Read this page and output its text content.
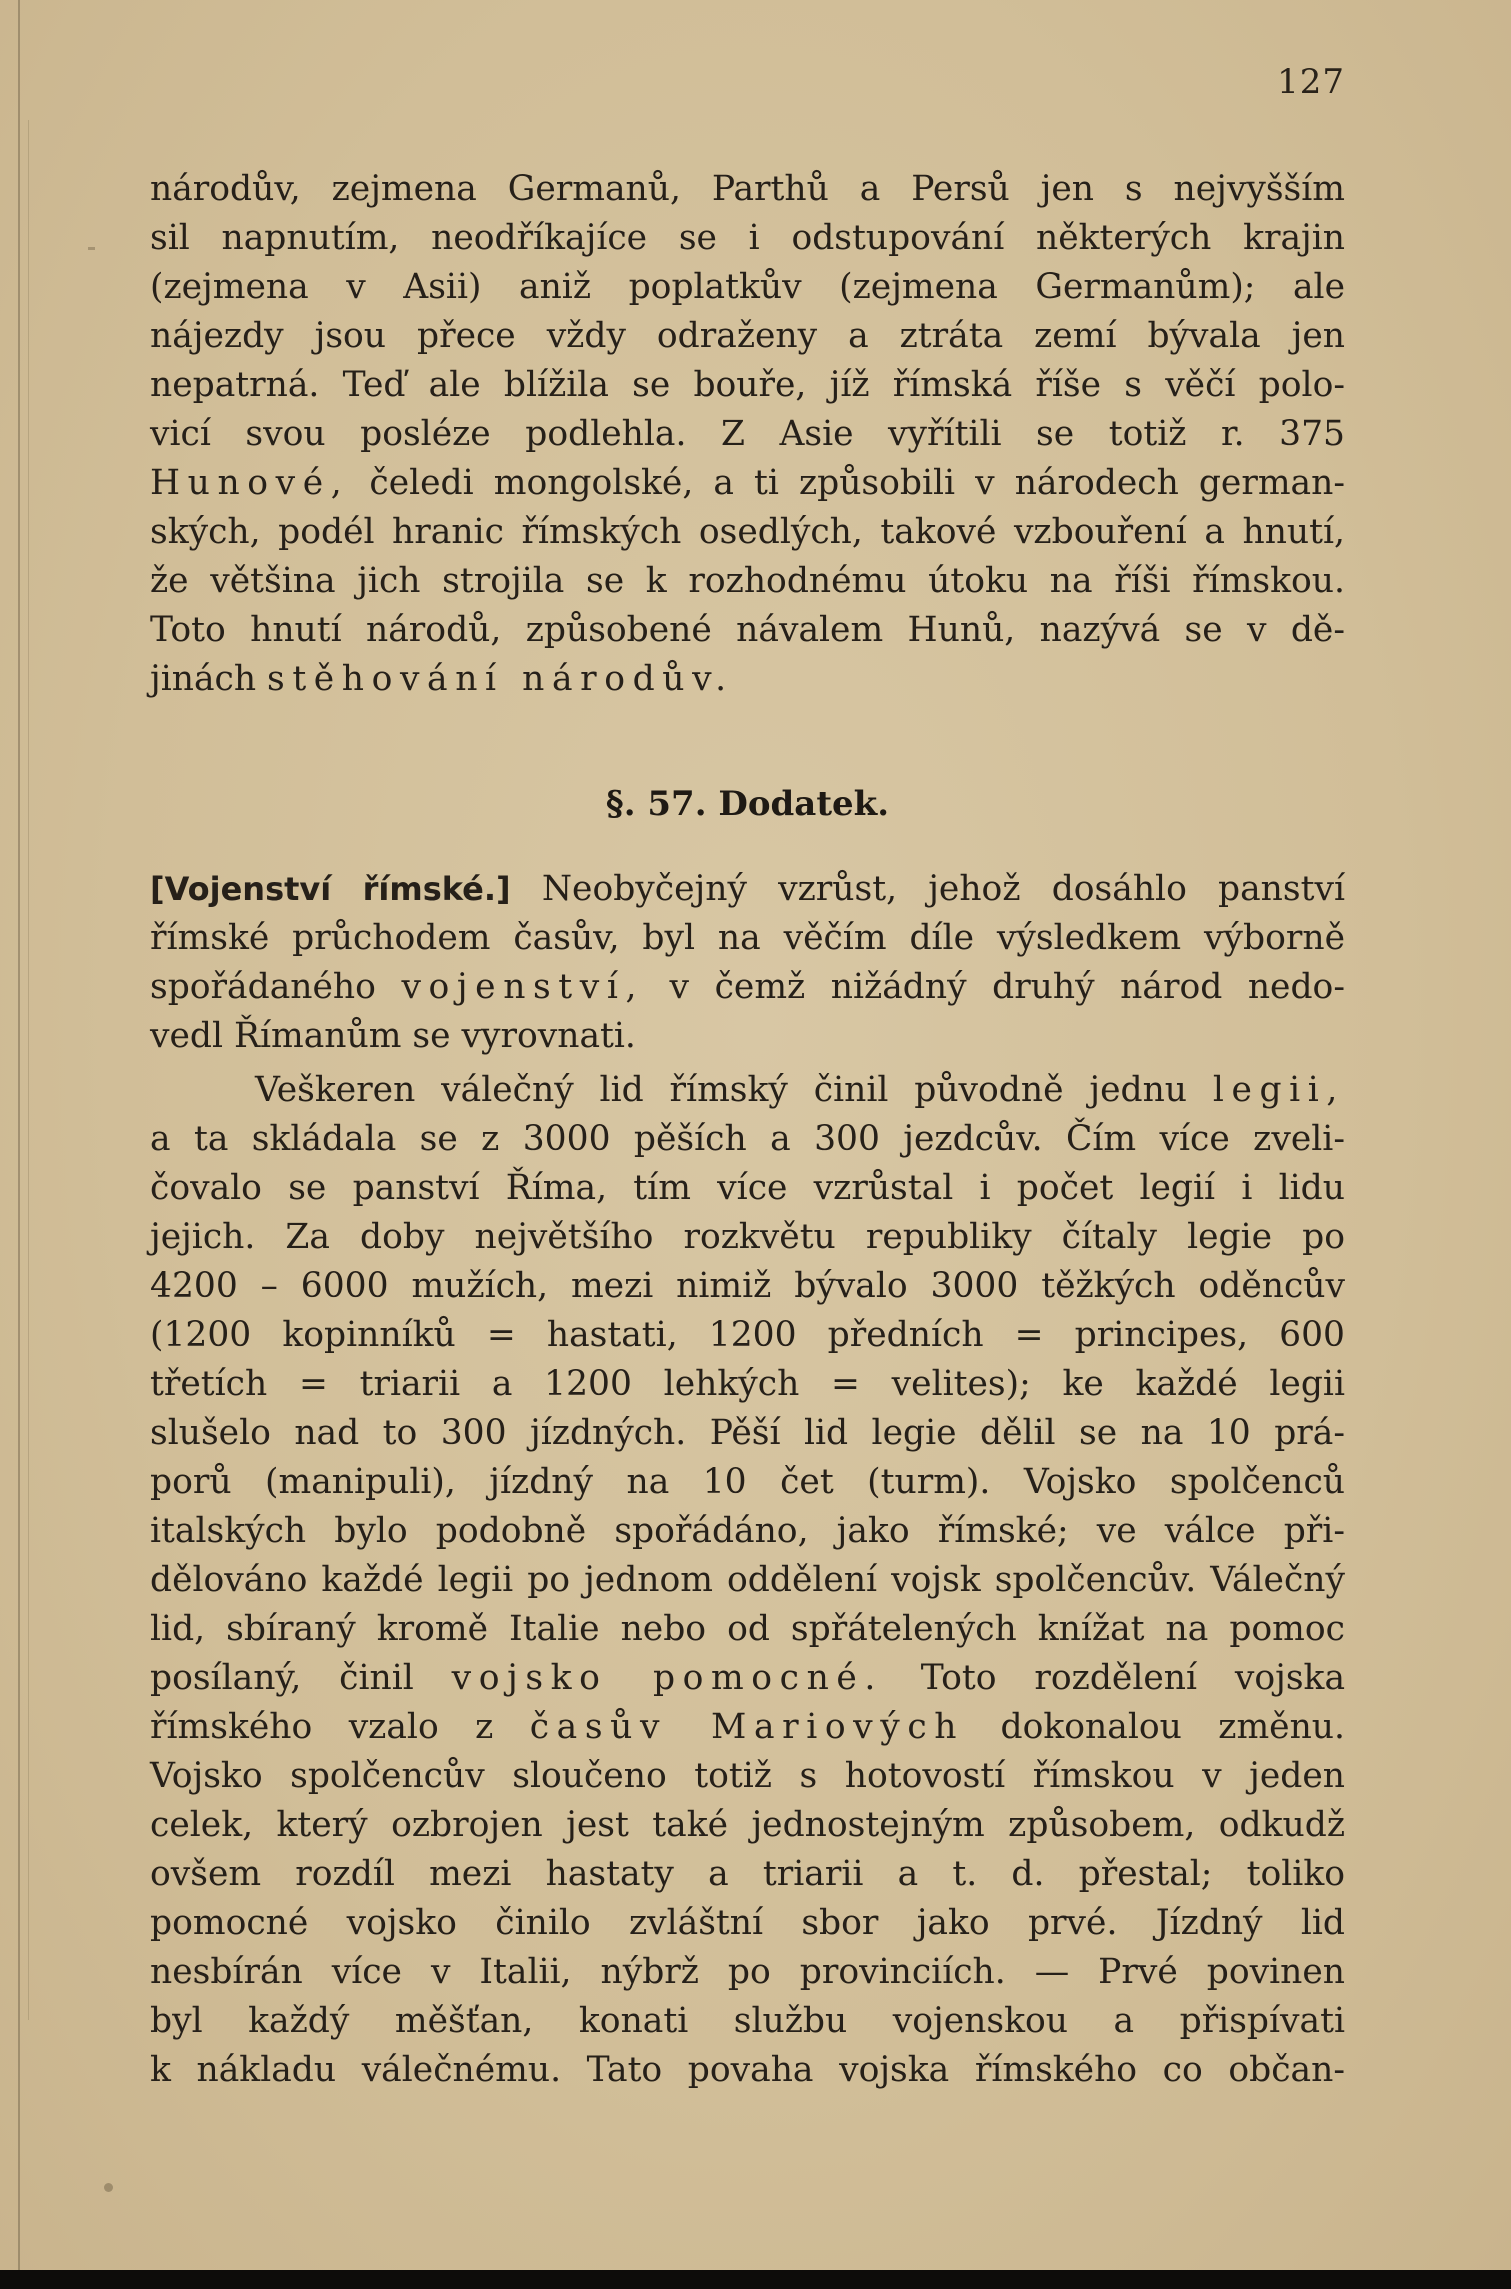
127
národův, zejmena Germanů, Parthů a Persů jen s nejvyšším
sil napnutím, neodříkajíce se i odstupování některých krajin
(zejmena v Asii) aniž poplatkův (zejmena Germanům); ale
nájezdy jsou přece vždy odraženy a ztráta zemí bývala jen
nepatrná. Teď ale blížila se bouře, jíž římská říše s věčí polo-
vicí svou posléze podlehla. Z Asie vyřítili se totiž r. 375
Hunové, čeledi mongolské, a ti způsobili v národech german-
ských, podél hranic římských osedlých, takové vzbouření a hnutí,
že většina jich strojila se k rozhodnému útoku na říši římskou.
Toto hnutí národů, způsobené návalem Hunů, nazývá se v dě-
jinách stěhování národův.
§. 57. Dodatek.
[Vojenství římské.] Neobyčejný vzrůst, jehož dosáhlo panství
římské průchodem časův, byl na věčím díle výsledkem výborně
spořádaného vojenství, v čemž nižádný druhý národ nedo-
vedl Římanům se vyrovnati.
Veškeren válečný lid římský činil původně jednu legii,
a ta skládala se z 3000 pěších a 300 jezdcův. Čím více zveli-
čovalo se panství Říma, tím více vzrůstal i počet legií i lidu
jejich. Za doby největšího rozkvětu republiky čítaly legie po
4200 – 6000 mužích, mezi nimiž bývalo 3000 těžkých oděncův
(1200 kopinníků = hastati, 1200 předních = principes, 600
třetích = triarii a 1200 lehkých = velites); ke každé legii
slušelo nad to 300 jízdných. Pěší lid legie dělil se na 10 prá-
porů (manipuli), jízdný na 10 čet (turm). Vojsko spolčenců
italských bylo podobně spořádáno, jako římské; ve válce při-
dělováno každé legii po jednom oddělení vojsk spolčencův. Válečný
lid, sbíraný kromě Italie nebo od spřátelených knížat na pomoc
posílaný, činil vojsko pomocné. Toto rozdělení vojska
římského vzalo z časův Mariových dokonalou změnu.
Vojsko spolčencův sloučeno totiž s hotovostí římskou v jeden
celek, který ozbrojen jest také jednostejným způsobem, odkudž
ovšem rozdíl mezi hastaty a triarii a t. d. přestal; toliko
pomocné vojsko činilo zvláštní sbor jako prvé. Jízdný lid
nesbírán více v Italii, nýbrž po provinciích. — Prvé povinen
byl každý měšťan, konati službu vojenskou a přispívati
k nákladu válečnému. Tato povaha vojska římského co občan-
